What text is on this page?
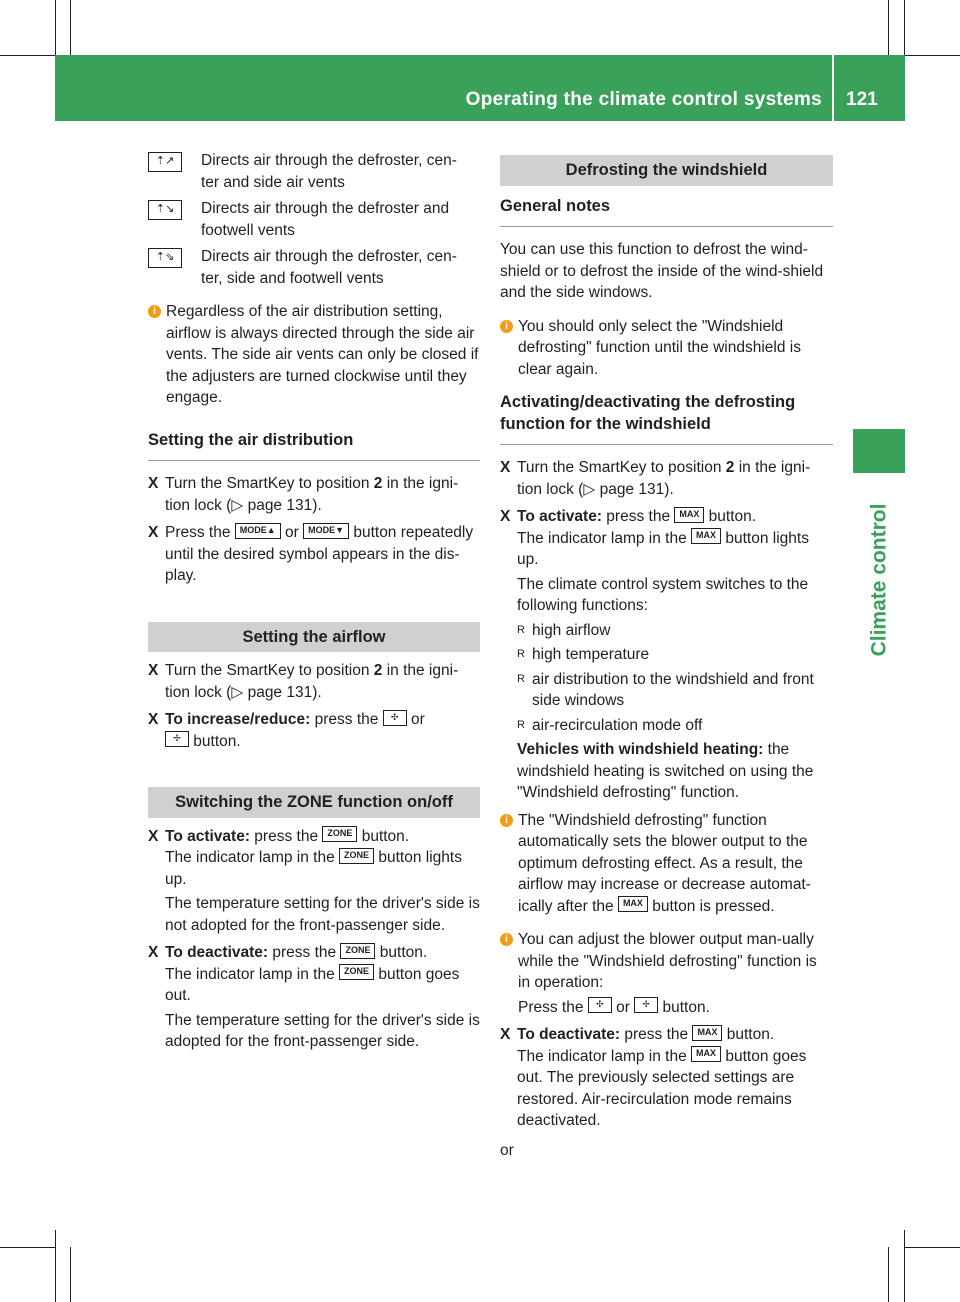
Operating the climate control systems 121
Climate control
⇡↗	Directs air through the defroster, cen-
ter and side air vents
⇡↘	Directs air through the defroster and
footwell vents
⇡⇘	Directs air through the defroster, cen-
ter, side and footwell vents
i Regardless of the air distribution setting, airflow is always directed through the side air vents. The side air vents can only be closed if the adjusters are turned clockwise until they engage.
Setting the air distribution
X Turn the SmartKey to position 2 in the igni-tion lock (▷ page 131).
X Press the MODE▲ or MODE▼ button repeatedly until the desired symbol appears in the dis-play.
Setting the airflow
X Turn the SmartKey to position 2 in the igni-tion lock (▷ page 131).
X To increase/reduce: press the ✣ or
✢ button.
Switching the ZONE function on/off
X To activate: press the ZONE button.
The indicator lamp in the ZONE button lights up.
The temperature setting for the driver's side is not adopted for the front-passenger side.
X To deactivate: press the ZONE button.
The indicator lamp in the ZONE button goes out.
The temperature setting for the driver's side is adopted for the front-passenger side.
Defrosting the windshield
General notes
You can use this function to defrost the wind-shield or to defrost the inside of the wind-shield and the side windows.
i You should only select the "Windshield defrosting" function until the windshield is clear again.
Activating/deactivating the defrosting function for the windshield
X Turn the SmartKey to position 2 in the igni-tion lock (▷ page 131).
X To activate: press the MAX button.
The indicator lamp in the MAX button lights up.
The climate control system switches to the following functions:
R high airflow
R high temperature
R air distribution to the windshield and front side windows
R air-recirculation mode off
Vehicles with windshield heating: the windshield heating is switched on using the "Windshield defrosting" function.
i The "Windshield defrosting" function automatically sets the blower output to the optimum defrosting effect. As a result, the airflow may increase or decrease automat-ically after the MAX button is pressed.
i You can adjust the blower output man-ually while the "Windshield defrosting" function is in operation:
Press the ✣ or ✢ button.
X To deactivate: press the MAX button.
The indicator lamp in the MAX button goes out. The previously selected settings are restored. Air-recirculation mode remains deactivated.
or
